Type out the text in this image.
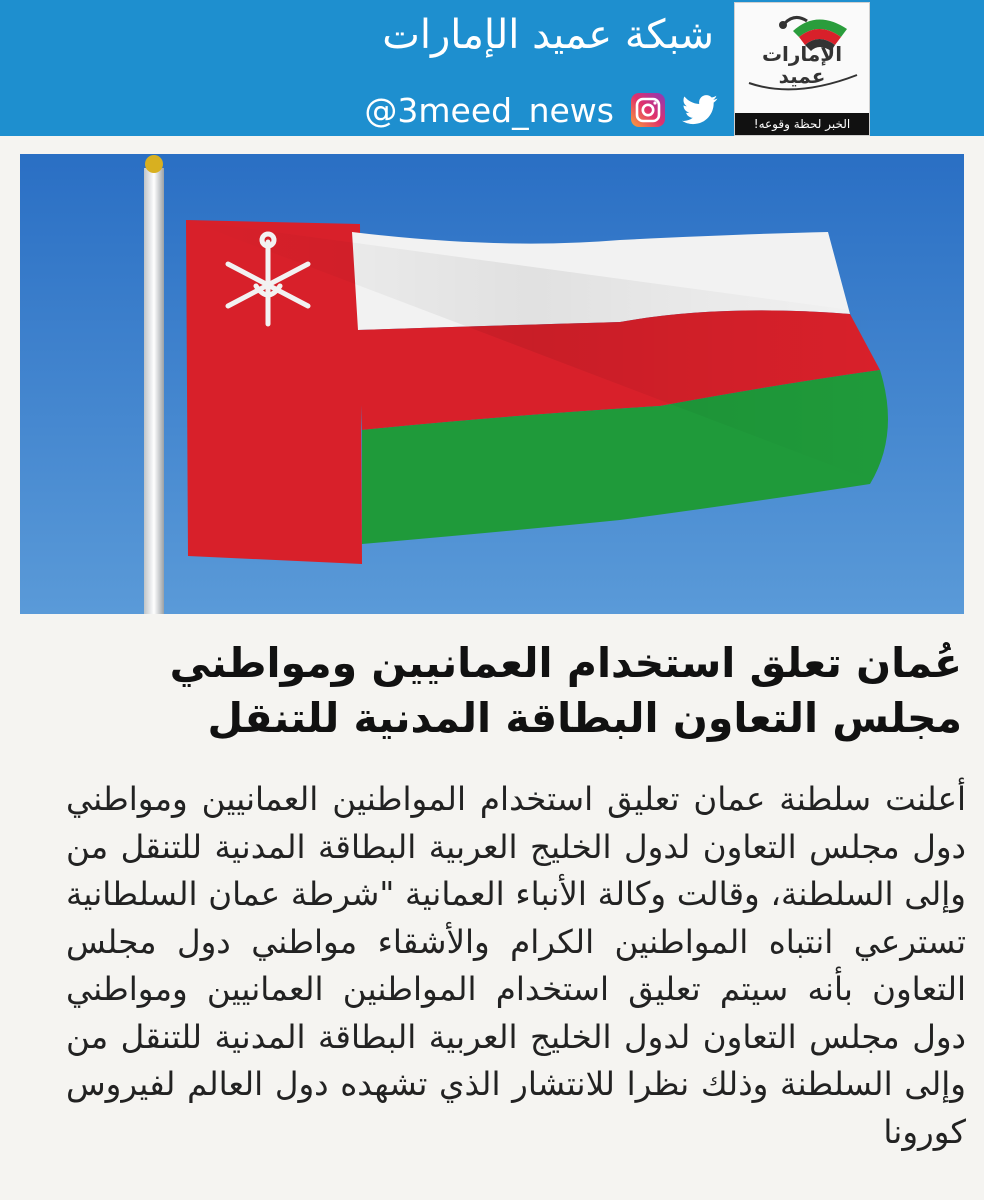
الإمارات
عميد
الخبر لحظة وقوعه!
شبكة عميد الإمارات
@3meed_news
عُمان تعلق استخدام العمانيين ومواطني مجلس التعاون البطاقة المدنية للتنقل

أعلنت سلطنة عمان تعليق استخدام المواطنين العمانيين ومواطني دول مجلس التعاون لدول الخليج العربية البطاقة المدنية للتنقل من وإلى السلطنة، وقالت وكالة الأنباء العمانية "شرطة عمان السلطانية تسترعي انتباه المواطنين الكرام والأشقاء مواطني دول مجلس التعاون بأنه سيتم تعليق استخدام المواطنين العمانيين ومواطني دول مجلس التعاون لدول الخليج العربية البطاقة المدنية للتنقل من وإلى السلطنة وذلك نظرا للانتشار الذي تشهده دول العالم لفيروس كورونا
